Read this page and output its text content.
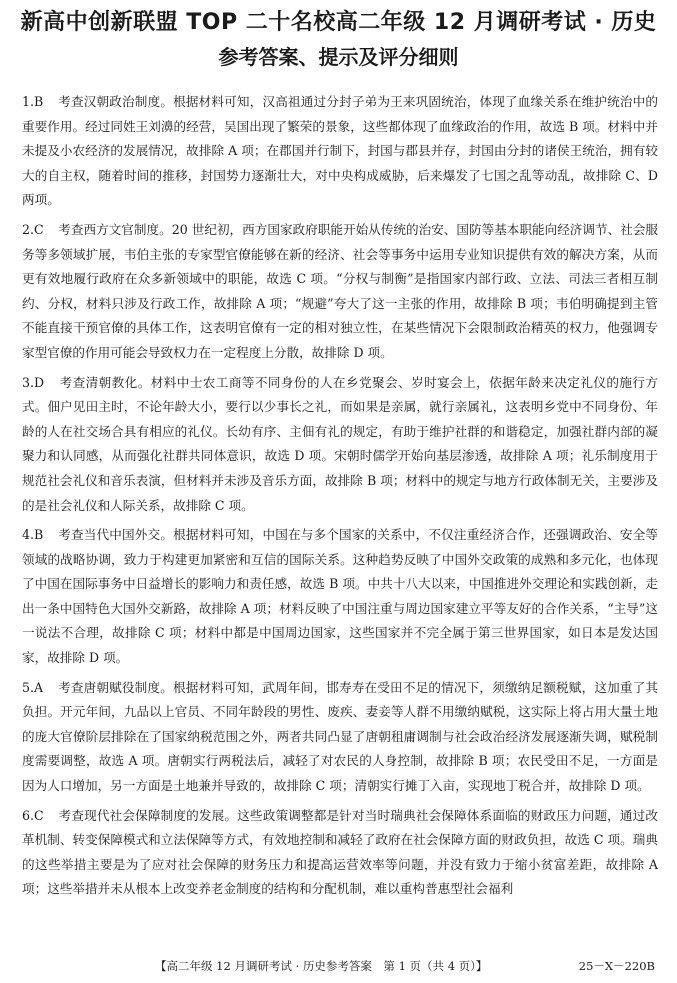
新高中创新联盟 TOP 二十名校高二年级 12 月调研考试 · 历史
参考答案、提示及评分细则

1.B　 考查汉朝政治制度。根据材料可知，汉高祖通过分封子弟为王来巩固统治，体现了血缘关系在维护统治中的重要作用。经过同姓王刘濞的经营，吴国出现了繁荣的景象，这些都体现了血缘政治的作用，故选 B 项。材料中并未提及小农经济的发展情况，故排除 A 项；在郡国并行制下，封国与郡县并存，封国由分封的诸侯王统治，拥有较大的自主权，随着时间的推移，封国势力逐渐壮大，对中央构成威胁，后来爆发了七国之乱等动乱，故排除 C、D 两项。

2.C　 考查西方文官制度。20 世纪初，西方国家政府职能开始从传统的治安、国防等基本职能向经济调节、社会服务等多领域扩展，韦伯主张的专家型官僚能够在新的经济、社会等事务中运用专业知识提供有效的解决方案，从而更有效地履行政府在众多新领域中的职能，故选 C 项。“分权与制衡”是指国家内部行政、立法、司法三者相互制约、分权，材料只涉及行政工作，故排除 A 项；“规避”夸大了这一主张的作用，故排除 B 项；韦伯明确提到主管不能直接干预官僚的具体工作，这表明官僚有一定的相对独立性，在某些情况下会限制政治精英的权力，他强调专家型官僚的作用可能会导致权力在一定程度上分散，故排除 D 项。

3.D　 考查清朝教化。材料中士农工商等不同身份的人在乡党聚会、岁时宴会上，依据年龄来决定礼仪的施行方式。佃户见田主时，不论年龄大小，要行以少事长之礼，而如果是亲属，就行亲属礼，这表明乡党中不同身份、年龄的人在社交场合具有相应的礼仪。长幼有序、主佃有礼的规定，有助于维护社群的和谐稳定，加强社群内部的凝聚力和认同感，从而强化社群共同体意识，故选 D 项。宋朝时儒学开始向基层渗透，故排除 A 项；礼乐制度用于规范社会礼仪和音乐表演，但材料并未涉及音乐方面，故排除 B 项；材料中的规定与地方行政体制无关，主要涉及的是社会礼仪和人际关系，故排除 C 项。

4.B　 考查当代中国外交。根据材料可知，中国在与多个国家的关系中，不仅注重经济合作，还强调政治、安全等领域的战略协调，致力于构建更加紧密和互信的国际关系。这种趋势反映了中国外交政策的成熟和多元化，也体现了中国在国际事务中日益增长的影响力和责任感，故选 B 项。中共十八大以来，中国推进外交理论和实践创新，走出一条中国特色大国外交新路，故排除 A 项；材料反映了中国注重与周边国家建立平等友好的合作关系，“主导”这一说法不合理，故排除 C 项；材料中都是中国周边国家，这些国家并不完全属于第三世界国家，如日本是发达国家，故排除 D 项。

5.A　 考查唐朝赋役制度。根据材料可知，武周年间，邯寿寿在受田不足的情况下，须缴纳足额税赋，这加重了其负担。开元年间，九品以上官员、不同年龄段的男性、废疾、妻妾等人群不用缴纳赋税，这实际上将占用大量土地的庞大官僚阶层排除在了国家纳税范围之外，两者共同凸显了唐朝租庸调制与社会政治经济发展逐渐失调，赋税制度需要调整，故选 A 项。唐朝实行两税法后，减轻了对农民的人身控制，故排除 B 项；农民受田不足，一方面是因为人口增加，另一方面是土地兼并导致的，故排除 C 项；清朝实行摊丁入亩，实现地丁税合并，故排除 D 项。

6.C　 考查现代社会保障制度的发展。这些政策调整都是针对当时瑞典社会保障体系面临的财政压力问题，通过改革机制、转变保障模式和立法保障等方式，有效地控制和减轻了政府在社会保障方面的财政负担，故选 C 项。瑞典的这些举措主要是为了应对社会保障的财务压力和提高运营效率等问题，并没有致力于缩小贫富差距，故排除 A 项；这些举措并未从根本上改变养老金制度的结构和分配机制，难以重构普惠型社会福利

【高二年级 12 月调研考试 · 历史参考答案　第 1 页（共 4 页）】	25－X－220B
